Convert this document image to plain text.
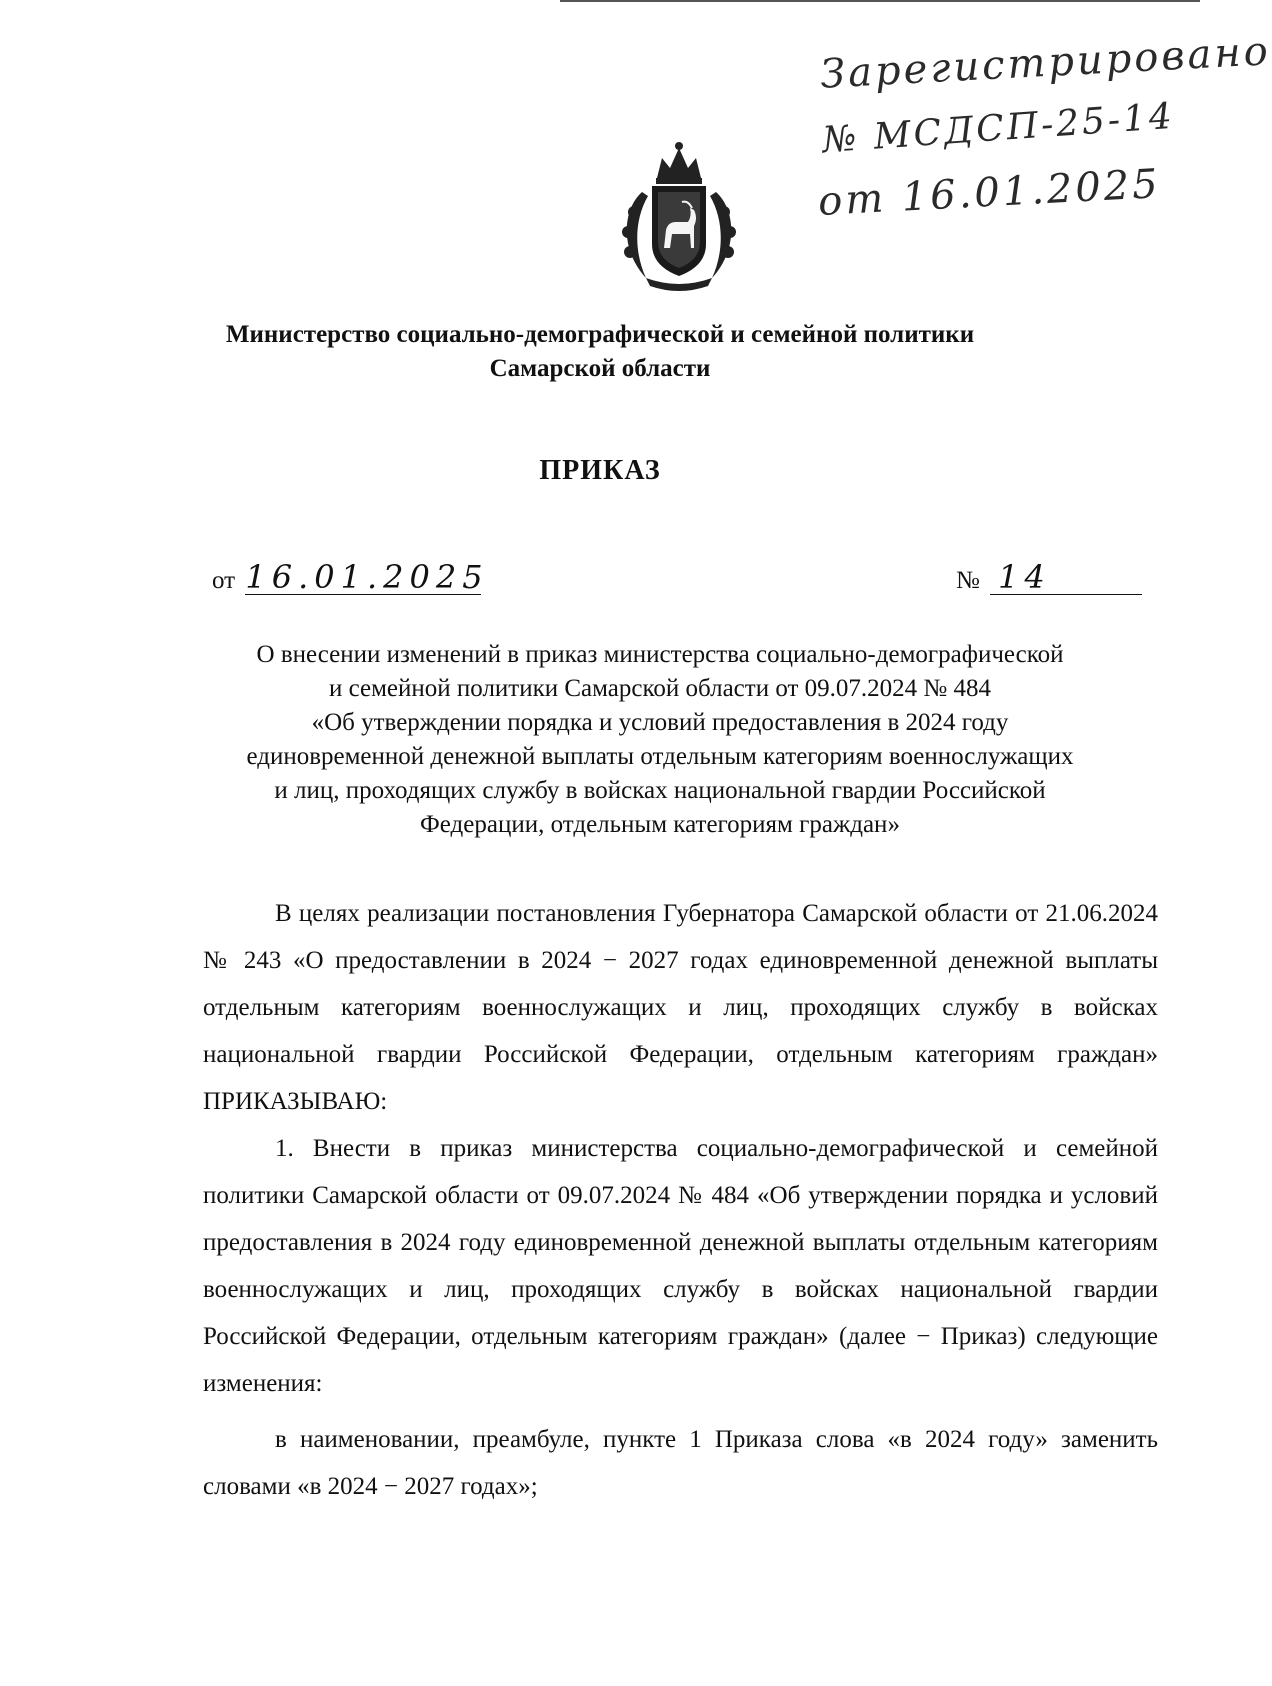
Зарегистрировано
№ МСДСП-25-14
от 16.01.2025
Министерство социально-демографической и семейной политики
Самарской области
ПРИКАЗ
от 16.01.2025	№ 14
О внесении изменений в приказ министерства социально-демографической
и семейной политики Самарской области от 09.07.2024 № 484
«Об утверждении порядка и условий предоставления в 2024 году
единовременной денежной выплаты отдельным категориям военнослужащих
и лиц, проходящих службу в войсках национальной гвардии Российской
Федерации, отдельным категориям граждан»

В целях реализации постановления Губернатора Самарской области от 21.06.2024 № 243 «О предоставлении в 2024 − 2027 годах единовременной денежной выплаты отдельным категориям военнослужащих и лиц, проходящих службу в войсках национальной гвардии Российской Федерации, отдельным категориям граждан» ПРИКАЗЫВАЮ:

1. Внести в приказ министерства социально-демографической и семейной политики Самарской области от 09.07.2024 № 484 «Об утверждении порядка и условий предоставления в 2024 году единовременной денежной выплаты отдельным категориям военнослужащих и лиц, проходящих службу в войсках национальной гвардии Российской Федерации, отдельным категориям граждан» (далее − Приказ) следующие изменения:

в наименовании, преамбуле, пункте 1 Приказа слова «в 2024 году» заменить словами «в 2024 − 2027 годах»;
